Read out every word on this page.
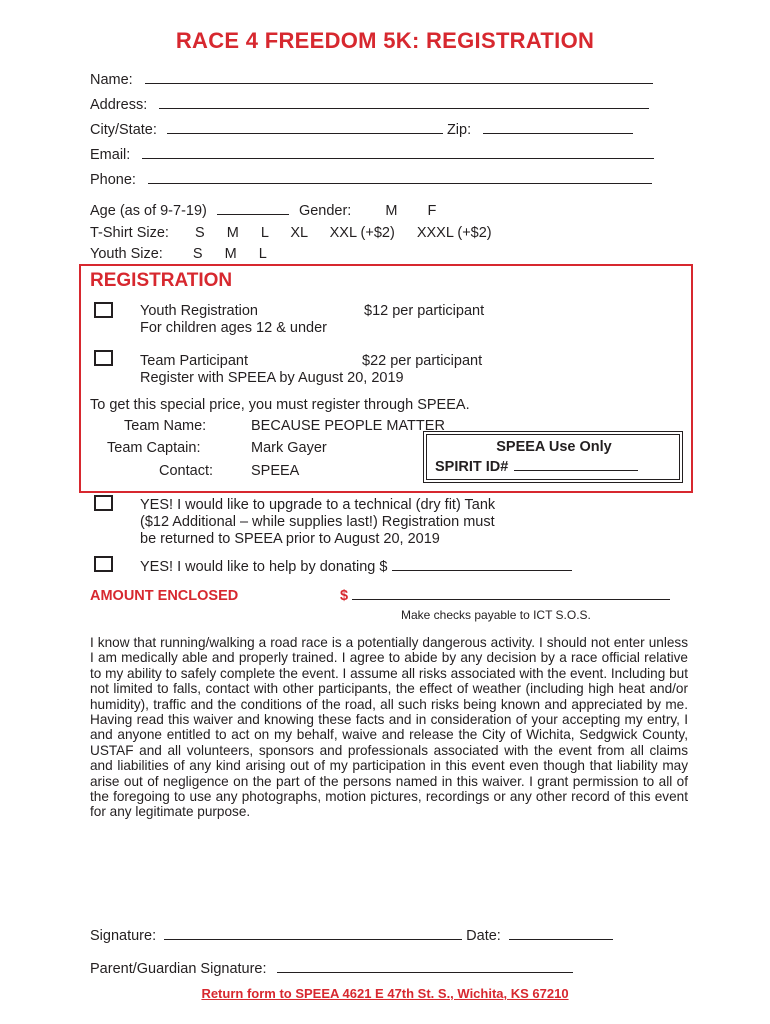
RACE 4 FREEDOM 5K: REGISTRATION
Name:
Address:
City/State:	Zip:
Email:
Phone:
Age (as of 9-7-19)	Gender: M F
T-Shirt Size: S M L XL XXL (+$2) XXXL (+$2)
Youth Size: S M L
REGISTRATION
Youth Registration	$12 per participant
For children ages 12 & under
Team Participant	$22 per participant
Register with SPEEA by August 20, 2019
To get this special price, you must register through SPEEA.
Team Name:	BECAUSE PEOPLE MATTER
Team Captain:	Mark Gayer
Contact:	SPEEA
SPEEA Use Only
SPIRIT ID#
YES! I would like to upgrade to a technical (dry fit) Tank
($12 Additional – while supplies last!) Registration must
be returned to SPEEA prior to August 20, 2019
YES! I would like to help by donating $
AMOUNT ENCLOSED	$
Make checks payable to ICT S.O.S.
I know that running/walking a road race is a potentially dangerous activity. I should not enter unless I am medically able and properly trained. I agree to abide by any decision by a race official relative to my ability to safely complete the event. I assume all risks associated with the event. Including but not limited to falls, contact with other participants, the effect of weather (including high heat and/or humidity), traffic and the conditions of the road, all such risks being known and appreciated by me. Having read this waiver and knowing these facts and in consideration of your accepting my entry, I and anyone entitled to act on my behalf, waive and release the City of Wichita, Sedgwick County, USTAF and all volunteers, sponsors and professionals associated with the event from all claims and liabilities of any kind arising out of my participation in this event even though that liability may arise out of negligence on the part of the persons named in this waiver. I grant permission to all of the foregoing to use any photographs, motion pictures, recordings or any other record of this event for any legitimate purpose.
Signature:	Date:
Parent/Guardian Signature:
Return form to SPEEA 4621 E 47th St. S., Wichita, KS 67210
